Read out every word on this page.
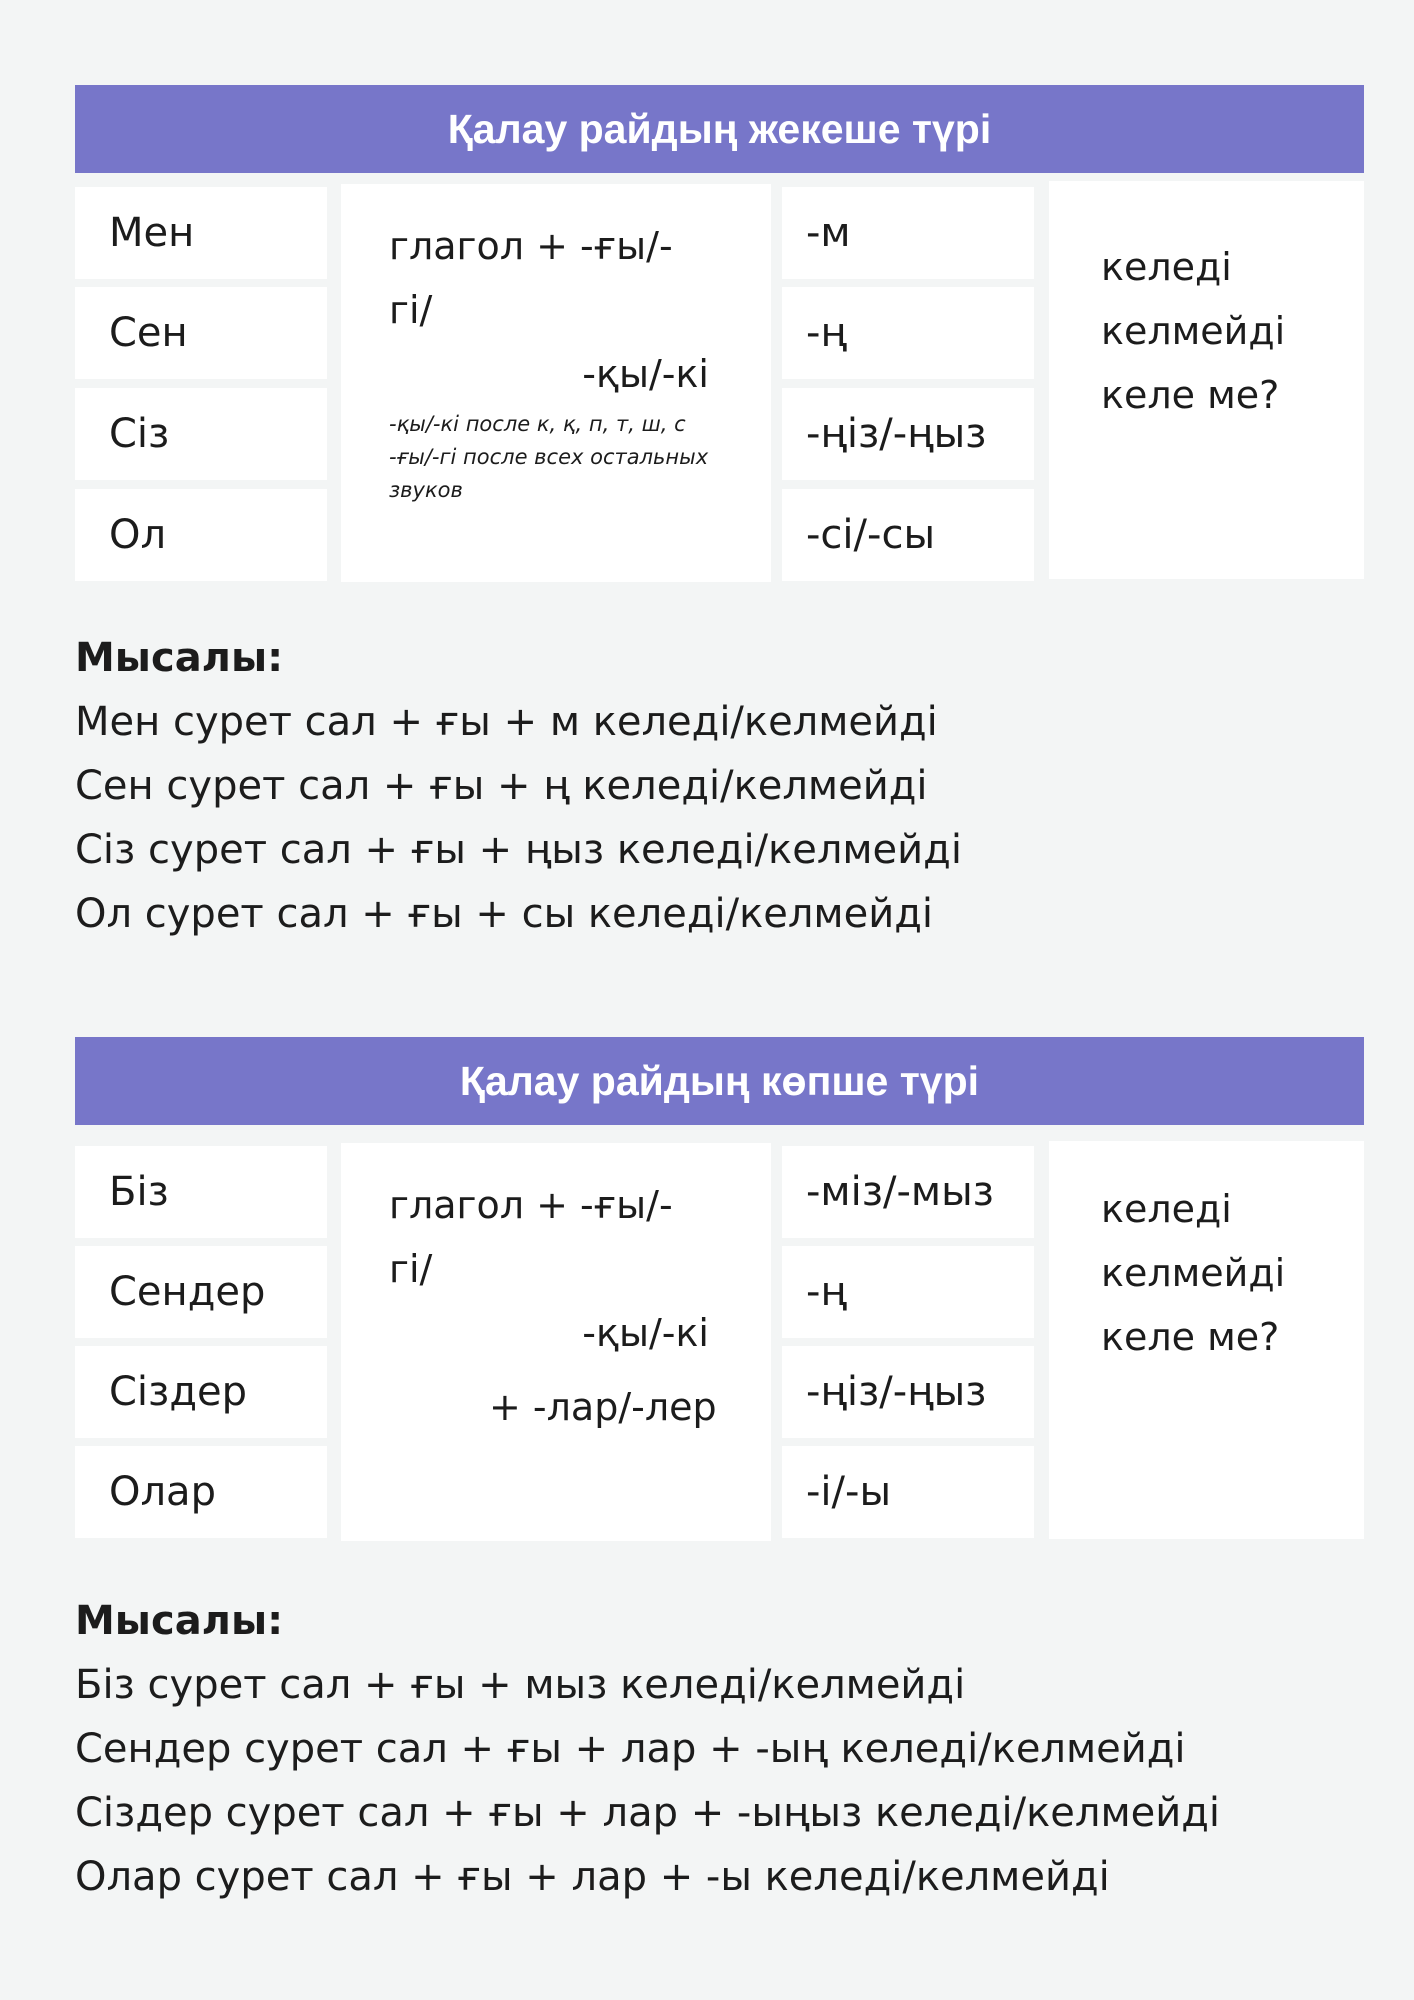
Қалау райдың жекеше түрі
Мен
Сен
Сіз
Ол
глагол + -ғы/-гі/
-қы/-кі
-қы/-кі после к, қ, п, т, ш, с
-ғы/-гі после всех остальных
звуков
-м
-ң
-ңіз/-ңыз
-сі/-сы
келеді
келмейді
келе ме?
Мысалы:
Мен сурет сал + ғы + м келеді/келмейді
Сен сурет сал + ғы + ң келеді/келмейді
Сіз сурет сал + ғы + ңыз келеді/келмейді
Ол сурет сал + ғы + сы келеді/келмейді
Қалау райдың көпше түрі
Біз
Сендер
Сіздер
Олар
глагол + -ғы/-гі/
-қы/-кі
+ -лар/-лер
-міз/-мыз
-ң
-ңіз/-ңыз
-і/-ы
келеді
келмейді
келе ме?
Мысалы:
Біз сурет сал + ғы + мыз келеді/келмейді
Сендер сурет сал + ғы + лар + -ың келеді/келмейді
Сіздер сурет сал + ғы + лар + -ыңыз келеді/келмейді
Олар сурет сал + ғы + лар + -ы келеді/келмейді
